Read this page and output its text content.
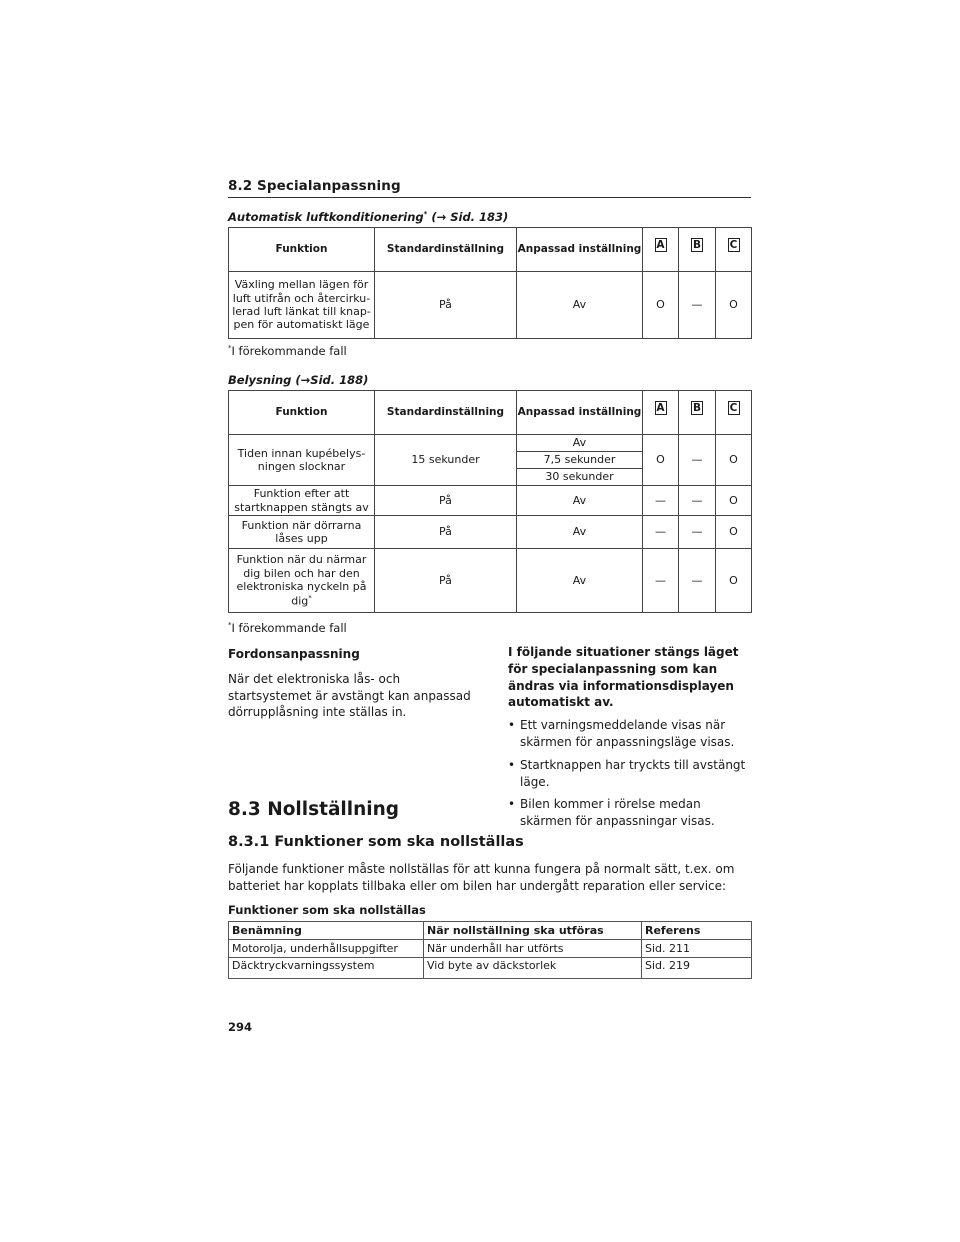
8.2 Specialanpassning
Automatisk luftkonditionering* (→ Sid. 183)
Funktion	Standardinställning	Anpassad inställning	A	B	C
Växling mellan lägen för luft utifrån och återcirku-lerad luft länkat till knap-pen för automatiskt läge	På	Av	O	—	O
*I förekommande fall
Belysning (→Sid. 188)
Funktion	Standardinställning	Anpassad inställning	A	B	C
Tiden innan kupébelys-ningen slocknar	15 sekunder	Av	O	—	O
		7,5 sekunder			
		30 sekunder			
Funktion efter att startknappen stängts av	På	Av	—	—	O
Funktion när dörrarna låses upp	På	Av	—	—	O
Funktion när du närmar dig bilen och har den elektroniska nyckeln på dig*	På	Av	—	—	O
*I förekommande fall
Fordonsanpassning
När det elektroniska lås- och startsystemet är avstängt kan anpassad dörrupplåsning inte ställas in.
I följande situationer stängs läget för specialanpassning som kan ändras via informationsdisplayen automatiskt av.
• Ett varningsmeddelande visas när skärmen för anpassningsläge visas.
• Startknappen har tryckts till avstängt läge.
• Bilen kommer i rörelse medan skärmen för anpassningar visas.
8.3 Nollställning
8.3.1 Funktioner som ska nollställas
Följande funktioner måste nollställas för att kunna fungera på normalt sätt, t.ex. om batteriet har kopplats tillbaka eller om bilen har undergått reparation eller service:
Funktioner som ska nollställas
Benämning	När nollställning ska utföras	Referens
Motorolja, underhållsuppgifter	När underhåll har utförts	Sid. 211
Däcktryckvarningssystem	Vid byte av däckstorlek	Sid. 219
294
